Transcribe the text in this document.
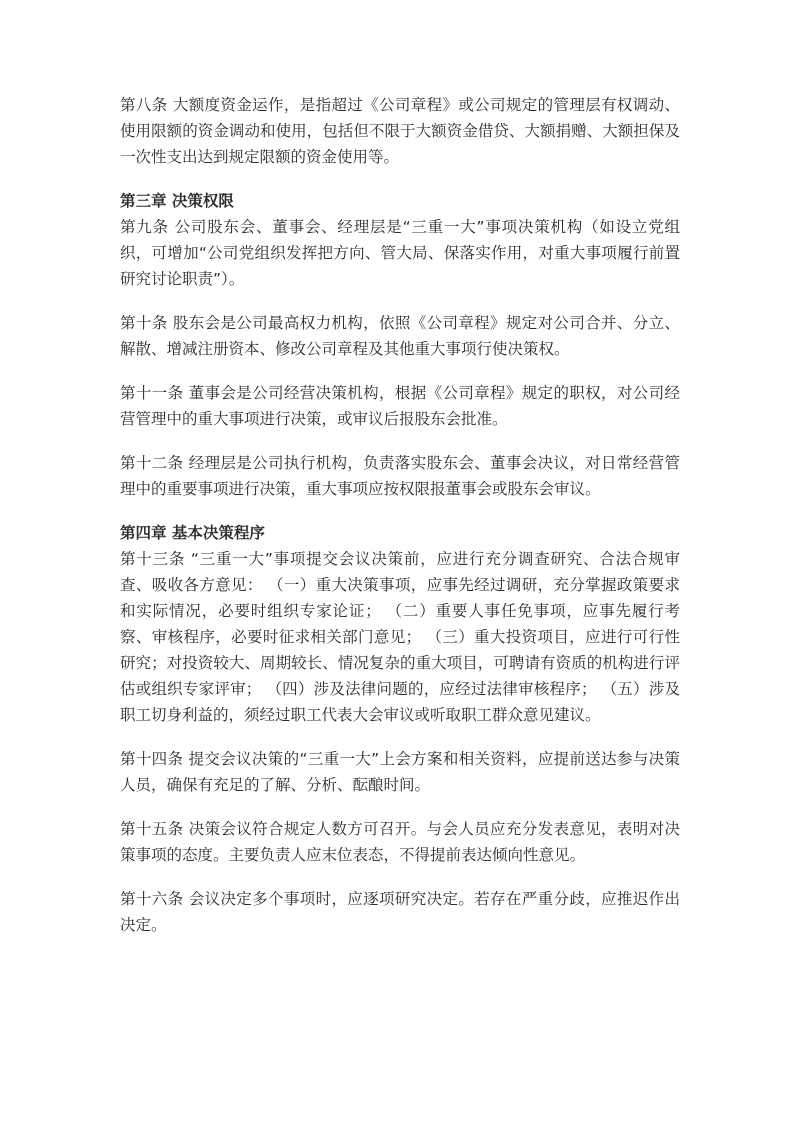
第八条 大额度资金运作，是指超过《公司章程》或公司规定的管理层有权调动、使用限额的资金调动和使用，包括但不限于大额资金借贷、大额捐赠、大额担保及一次性支出达到规定限额的资金使用等。

第三章 决策权限

第九条 公司股东会、董事会、经理层是“三重一大”事项决策机构（如设立党组织，可增加“公司党组织发挥把方向、管大局、保落实作用，对重大事项履行前置研究讨论职责”）。

第十条 股东会是公司最高权力机构，依照《公司章程》规定对公司合并、分立、解散、增减注册资本、修改公司章程及其他重大事项行使决策权。

第十一条 董事会是公司经营决策机构，根据《公司章程》规定的职权，对公司经营管理中的重大事项进行决策，或审议后报股东会批准。

第十二条 经理层是公司执行机构，负责落实股东会、董事会决议，对日常经营管理中的重要事项进行决策，重大事项应按权限报董事会或股东会审议。

第四章 基本决策程序

第十三条 “三重一大”事项提交会议决策前，应进行充分调查研究、合法合规审查、吸收各方意见： （一）重大决策事项，应事先经过调研，充分掌握政策要求和实际情况，必要时组织专家论证； （二）重要人事任免事项，应事先履行考察、审核程序，必要时征求相关部门意见； （三）重大投资项目，应进行可行性研究；对投资较大、周期较长、情况复杂的重大项目，可聘请有资质的机构进行评估或组织专家评审； （四）涉及法律问题的，应经过法律审核程序； （五）涉及职工切身利益的，须经过职工代表大会审议或听取职工群众意见建议。

第十四条 提交会议决策的“三重一大”上会方案和相关资料，应提前送达参与决策人员，确保有充足的了解、分析、酝酿时间。

第十五条 决策会议符合规定人数方可召开。与会人员应充分发表意见，表明对决策事项的态度。主要负责人应末位表态，不得提前表达倾向性意见。

第十六条 会议决定多个事项时，应逐项研究决定。若存在严重分歧，应推迟作出决定。
